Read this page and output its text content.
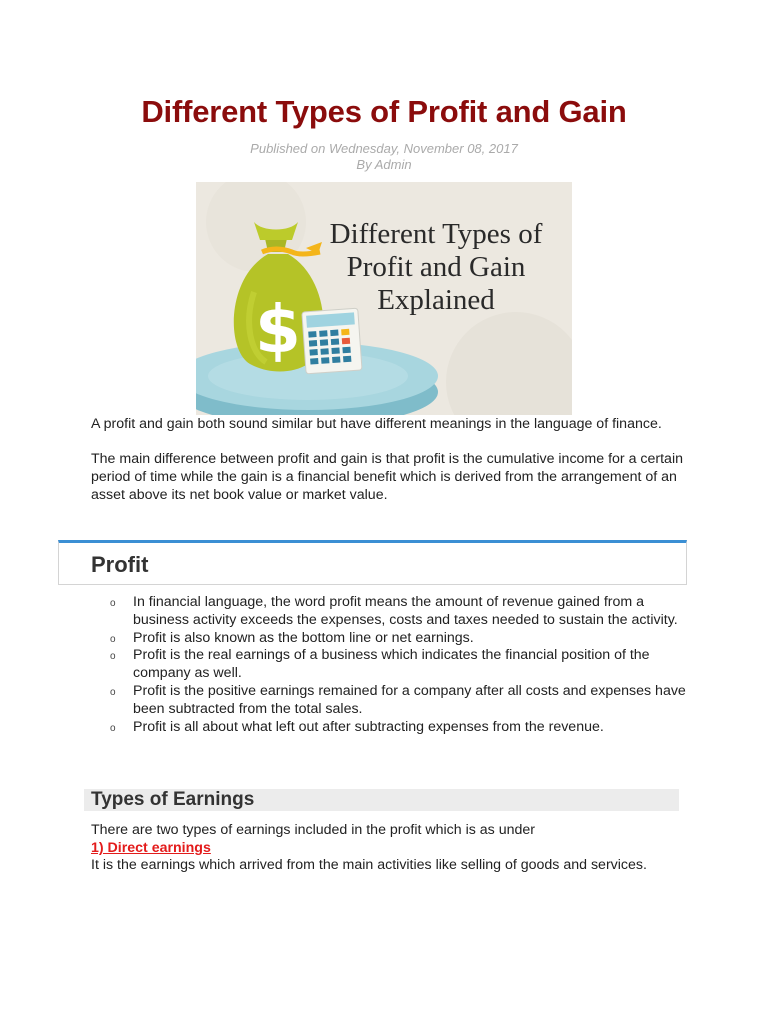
Different Types of Profit and Gain
Published on Wednesday, November 08, 2017
By Admin
$
Different Types of
Profit and Gain
Explained

A profit and gain both sound similar but have different meanings in the language of finance.

The main difference between profit and gain is that profit is the cumulative income for a certain period of time while the gain is a financial benefit which is derived from the arrangement of an asset above its net book value or market value.

Profit
o In financial language, the word profit means the amount of revenue gained from a business activity exceeds the expenses, costs and taxes needed to sustain the activity.
o Profit is also known as the bottom line or net earnings.
o Profit is the real earnings of a business which indicates the financial position of the company as well.
o Profit is the positive earnings remained for a company after all costs and expenses have been subtracted from the total sales.
o Profit is all about what left out after subtracting expenses from the revenue.
Types of Earnings

There are two types of earnings included in the profit which is as under

1) Direct earnings

It is the earnings which arrived from the main activities like selling of goods and services.
